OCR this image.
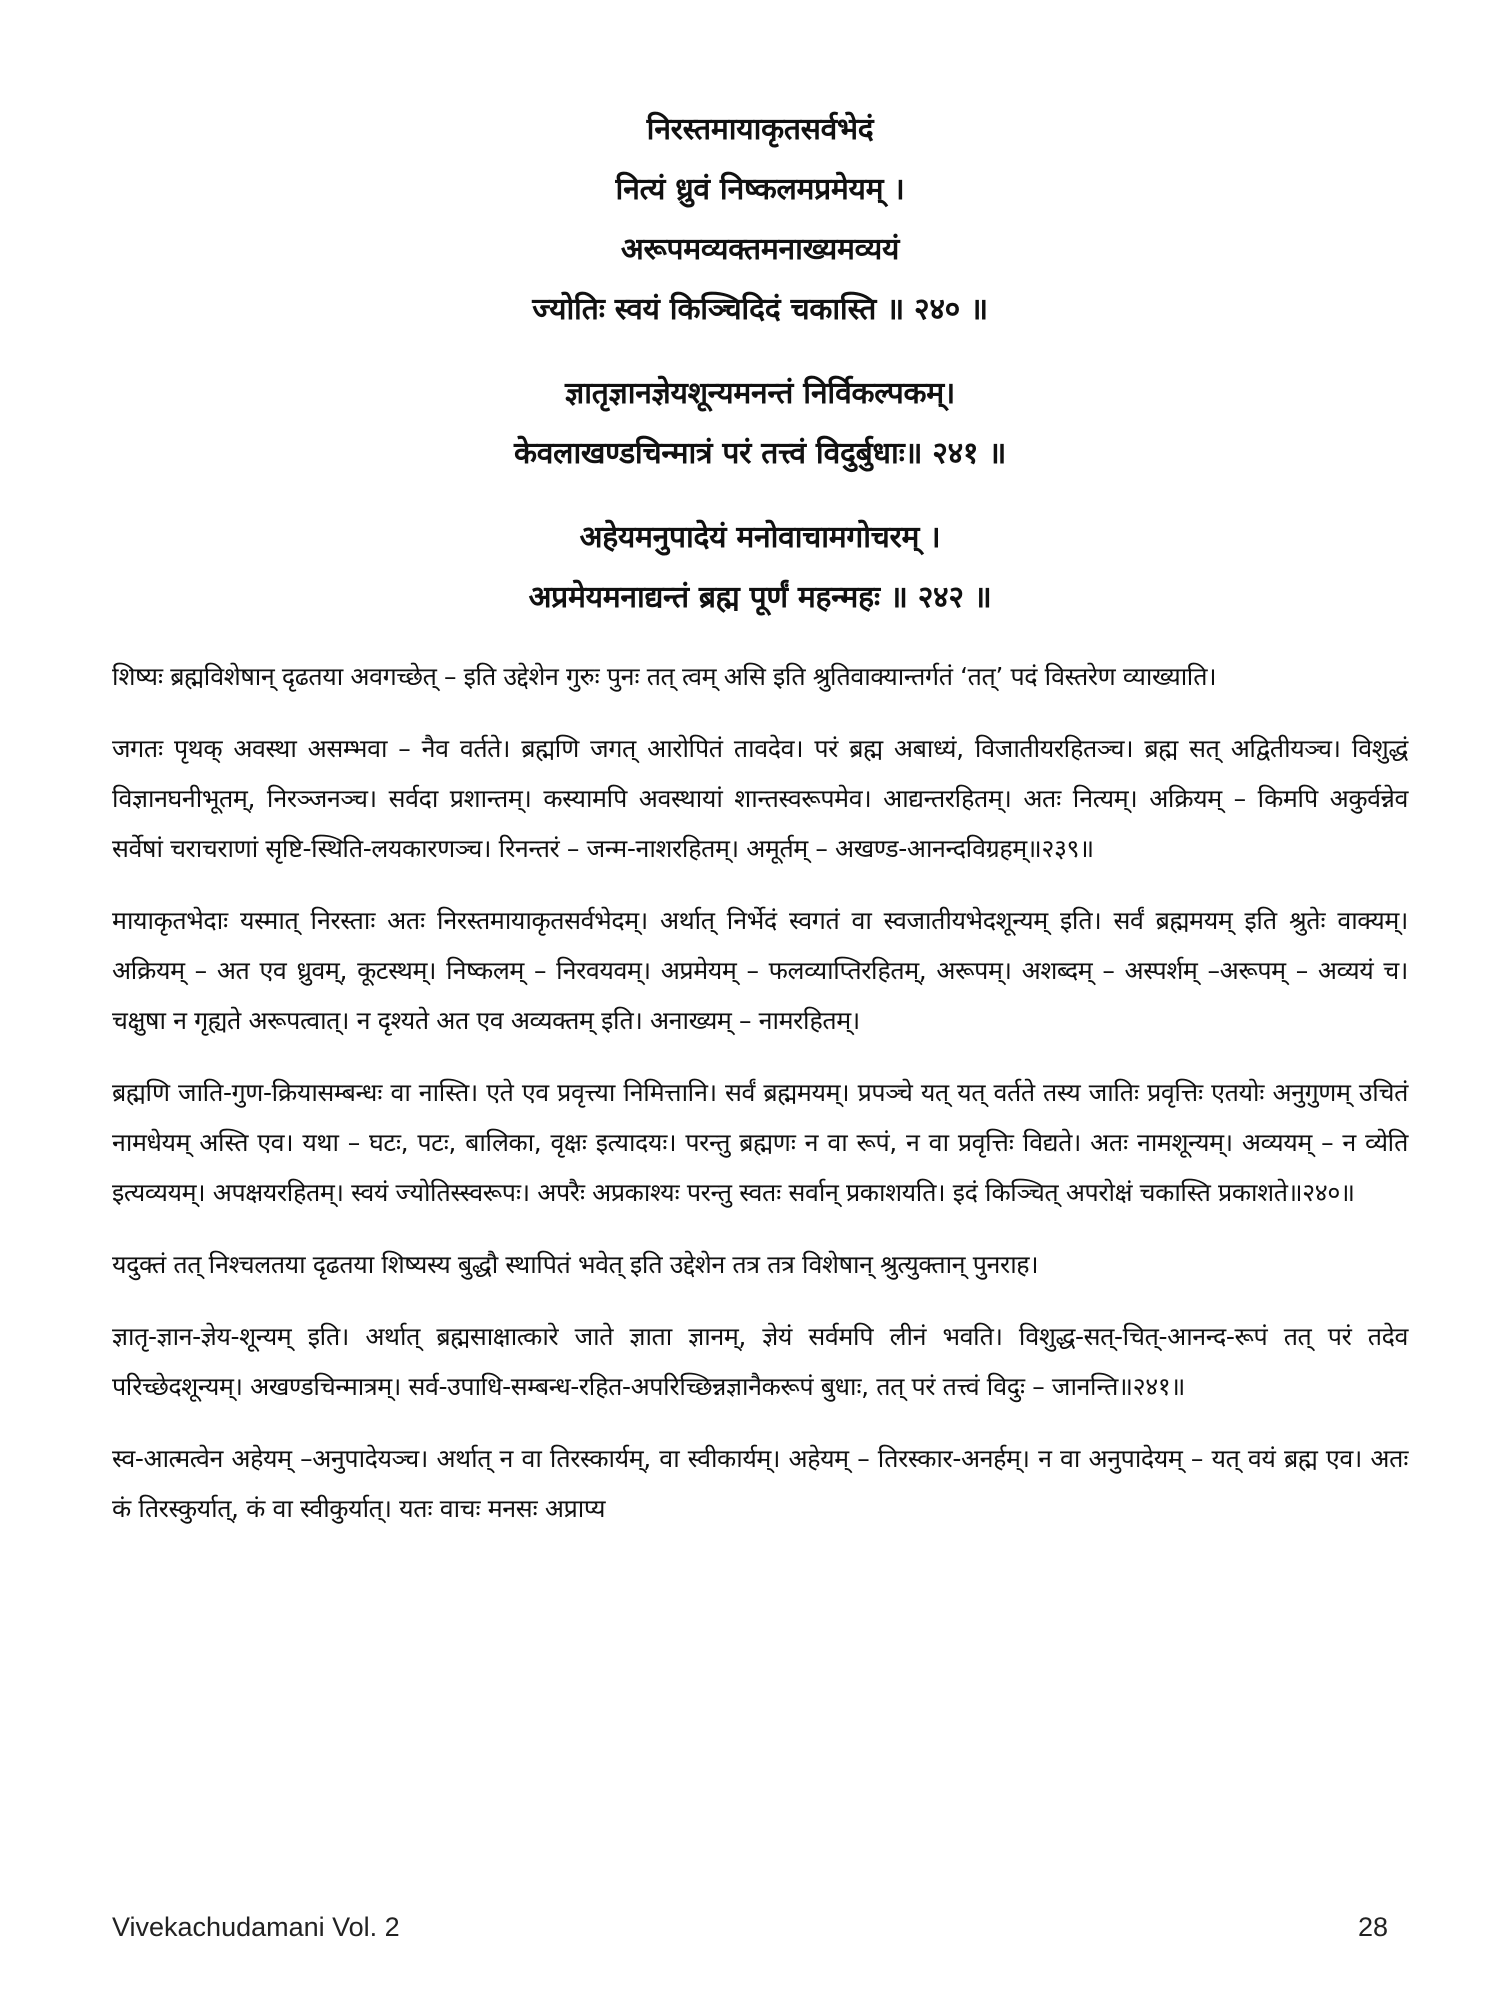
निरस्तमायाकृतसर्वभेदं
नित्यं ध्रुवं निष्कलमप्रमेयम् ।
अरूपमव्यक्तमनाख्यमव्ययं
ज्योतिः स्वयं किञ्चिदिदं चकास्ति ॥ २४० ॥
ज्ञातृज्ञानज्ञेयशून्यमनन्तं निर्विकल्पकम्।
केवलाखण्डचिन्मात्रं परं तत्त्वं विदुर्बुधाः॥ २४१ ॥
अहेयमनुपादेयं मनोवाचामगोचरम् ।
अप्रमेयमनाद्यन्तं ब्रह्म पूर्णं महन्महः ॥ २४२ ॥

शिष्यः ब्रह्मविशेषान् दृढतया अवगच्छेत् – इति उद्देशेन गुरुः पुनः तत् त्वम् असि इति श्रुतिवाक्यान्तर्गतं ‘तत्’ पदं विस्तरेण व्याख्याति।

जगतः पृथक् अवस्था असम्भवा – नैव वर्तते। ब्रह्मणि जगत् आरोपितं तावदेव। परं ब्रह्म अबाध्यं, विजातीयरहितञ्च। ब्रह्म सत् अद्वितीयञ्च। विशुद्धं विज्ञानघनीभूतम्, निरञ्जनञ्च। सर्वदा प्रशान्तम्। कस्यामपि अवस्थायां शान्तस्वरूपमेव। आद्यन्तरहितम्। अतः नित्यम्। अक्रियम् – किमपि अकुर्वन्नेव सर्वेषां चराचराणां सृष्टि-स्थिति-लयकारणञ्च। रिनन्तरं – जन्म-नाशरहितम्। अमूर्तम् – अखण्ड-आनन्दविग्रहम्॥२३९॥

मायाकृतभेदाः यस्मात् निरस्ताः अतः निरस्तमायाकृतसर्वभेदम्। अर्थात् निर्भेदं स्वगतं वा स्वजातीयभेदशून्यम् इति। सर्वं ब्रह्ममयम् इति श्रुतेः वाक्यम्। अक्रियम् – अत एव ध्रुवम्, कूटस्थम्। निष्कलम् – निरवयवम्। अप्रमेयम् – फलव्याप्तिरहितम्, अरूपम्। अशब्दम् – अस्पर्शम् –अरूपम् – अव्ययं च। चक्षुषा न गृह्यते अरूपत्वात्। न दृश्यते अत एव अव्यक्तम् इति। अनाख्यम् – नामरहितम्।

ब्रह्मणि जाति-गुण-क्रियासम्बन्धः वा नास्ति। एते एव प्रवृत्त्या निमित्तानि। सर्वं ब्रह्ममयम्। प्रपञ्चे यत् यत् वर्तते तस्य जातिः प्रवृत्तिः एतयोः अनुगुणम् उचितं नामधेयम् अस्ति एव। यथा – घटः, पटः, बालिका, वृक्षः इत्यादयः। परन्तु ब्रह्मणः न वा रूपं, न वा प्रवृत्तिः विद्यते। अतः नामशून्यम्। अव्ययम् – न व्येति इत्यव्ययम्। अपक्षयरहितम्। स्वयं ज्योतिस्स्वरूपः। अपरैः अप्रकाश्यः परन्तु स्वतः सर्वान् प्रकाशयति। इदं किञ्चित् अपरोक्षं चकास्ति प्रकाशते॥२४०॥

यदुक्तं तत् निश्चलतया दृढतया शिष्यस्य बुद्धौ स्थापितं भवेत् इति उद्देशेन तत्र तत्र विशेषान् श्रुत्युक्तान् पुनराह।

ज्ञातृ-ज्ञान-ज्ञेय-शून्यम् इति। अर्थात् ब्रह्मसाक्षात्कारे जाते ज्ञाता ज्ञानम्, ज्ञेयं सर्वमपि लीनं भवति। विशुद्ध-सत्-चित्-आनन्द-रूपं तत् परं तदेव परिच्छेदशून्यम्। अखण्डचिन्मात्रम्। सर्व-उपाधि-सम्बन्ध-रहित-अपरिच्छिन्नज्ञानैकरूपं बुधाः, तत् परं तत्त्वं विदुः – जानन्ति॥२४१॥

स्व-आत्मत्वेन अहेयम् –अनुपादेयञ्च। अर्थात् न वा तिरस्कार्यम्, वा स्वीकार्यम्। अहेयम् – तिरस्कार-अनर्हम्। न वा अनुपादेयम् – यत् वयं ब्रह्म एव। अतः कं तिरस्कुर्यात्, कं वा स्वीकुर्यात्। यतः वाचः मनसः अप्राप्य

Vivekachudamani Vol. 2	28
